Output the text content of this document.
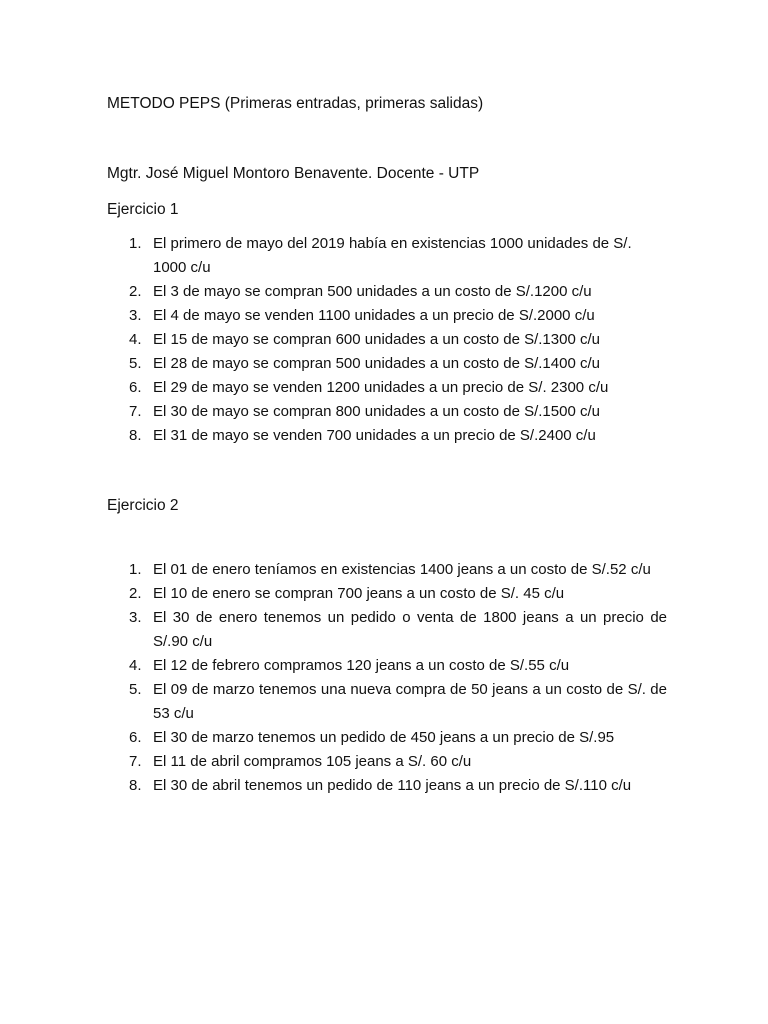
METODO PEPS (Primeras entradas, primeras salidas)

Mgtr. José Miguel Montoro Benavente. Docente - UTP

Ejercicio 1

1. El primero de mayo del 2019 había en existencias 1000 unidades de S/. 1000 c/u
2. El 3 de mayo se compran 500 unidades a un costo de S/.1200 c/u
3. El 4 de mayo se venden 1100 unidades a un precio de S/.2000 c/u
4. El 15 de mayo se compran 600 unidades a un costo de S/.1300 c/u
5. El 28 de mayo se compran 500 unidades a un costo de S/.1400 c/u
6. El 29 de mayo se venden 1200 unidades a un precio de S/. 2300 c/u
7. El 30 de mayo se compran 800 unidades a un costo de S/.1500 c/u
8. El 31 de mayo se venden 700 unidades a un precio de S/.2400 c/u

Ejercicio 2

1. El 01 de enero teníamos en existencias 1400 jeans a un costo de S/.52 c/u
2. El 10 de enero se compran 700 jeans a un costo de S/. 45 c/u
3. El 30 de enero tenemos un pedido o venta de 1800 jeans a un precio de S/.90 c/u
4. El 12 de febrero compramos 120 jeans a un costo de S/.55 c/u
5. El 09 de marzo tenemos una nueva compra de 50 jeans a un costo de S/. de 53 c/u
6. El 30 de marzo tenemos un pedido de 450 jeans a un precio de S/.95
7. El 11 de abril compramos 105 jeans a S/. 60 c/u
8. El 30 de abril tenemos un pedido de 110 jeans a un precio de S/.110 c/u
